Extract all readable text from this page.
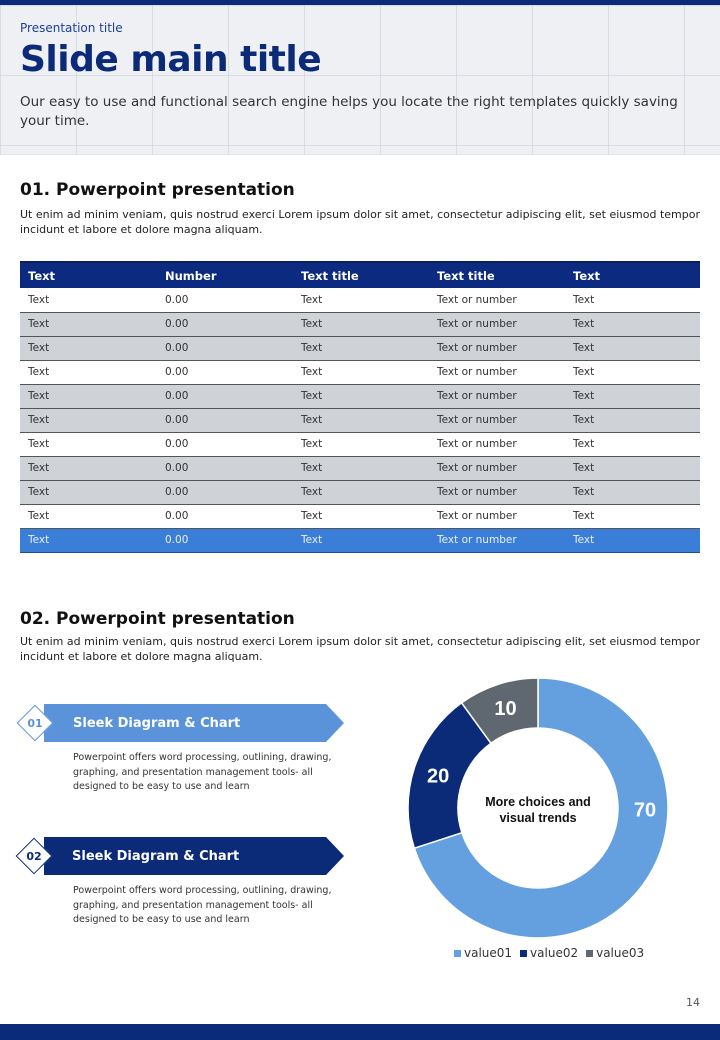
Presentation title
Slide main title
Our easy to use and functional search engine helps you locate the right templates quickly saving your time.
01. Powerpoint presentation
Ut enim ad minim veniam, quis nostrud exerci Lorem ipsum dolor sit amet, consectetur adipiscing elit, set eiusmod tempor incidunt et labore et dolore magna aliquam.
Text	Number	Text title	Text title	Text
Text	0.00	Text	Text or number	Text
Text	0.00	Text	Text or number	Text
Text	0.00	Text	Text or number	Text
Text	0.00	Text	Text or number	Text
Text	0.00	Text	Text or number	Text
Text	0.00	Text	Text or number	Text
Text	0.00	Text	Text or number	Text
Text	0.00	Text	Text or number	Text
Text	0.00	Text	Text or number	Text
Text	0.00	Text	Text or number	Text
Text	0.00	Text	Text or number	Text
02. Powerpoint presentation
Ut enim ad minim veniam, quis nostrud exerci Lorem ipsum dolor sit amet, consectetur adipiscing elit, set eiusmod tempor incidunt et labore et dolore magna aliquam.
Sleek Diagram & Chart
01
Powerpoint offers word processing, outlining, drawing, graphing, and presentation management tools- all designed to be easy to use and learn
Sleek Diagram & Chart
02
Powerpoint offers word processing, outlining, drawing, graphing, and presentation management tools- all designed to be easy to use and learn
70
20
10
More choices and
visual trends
value01 value02 value03
14
